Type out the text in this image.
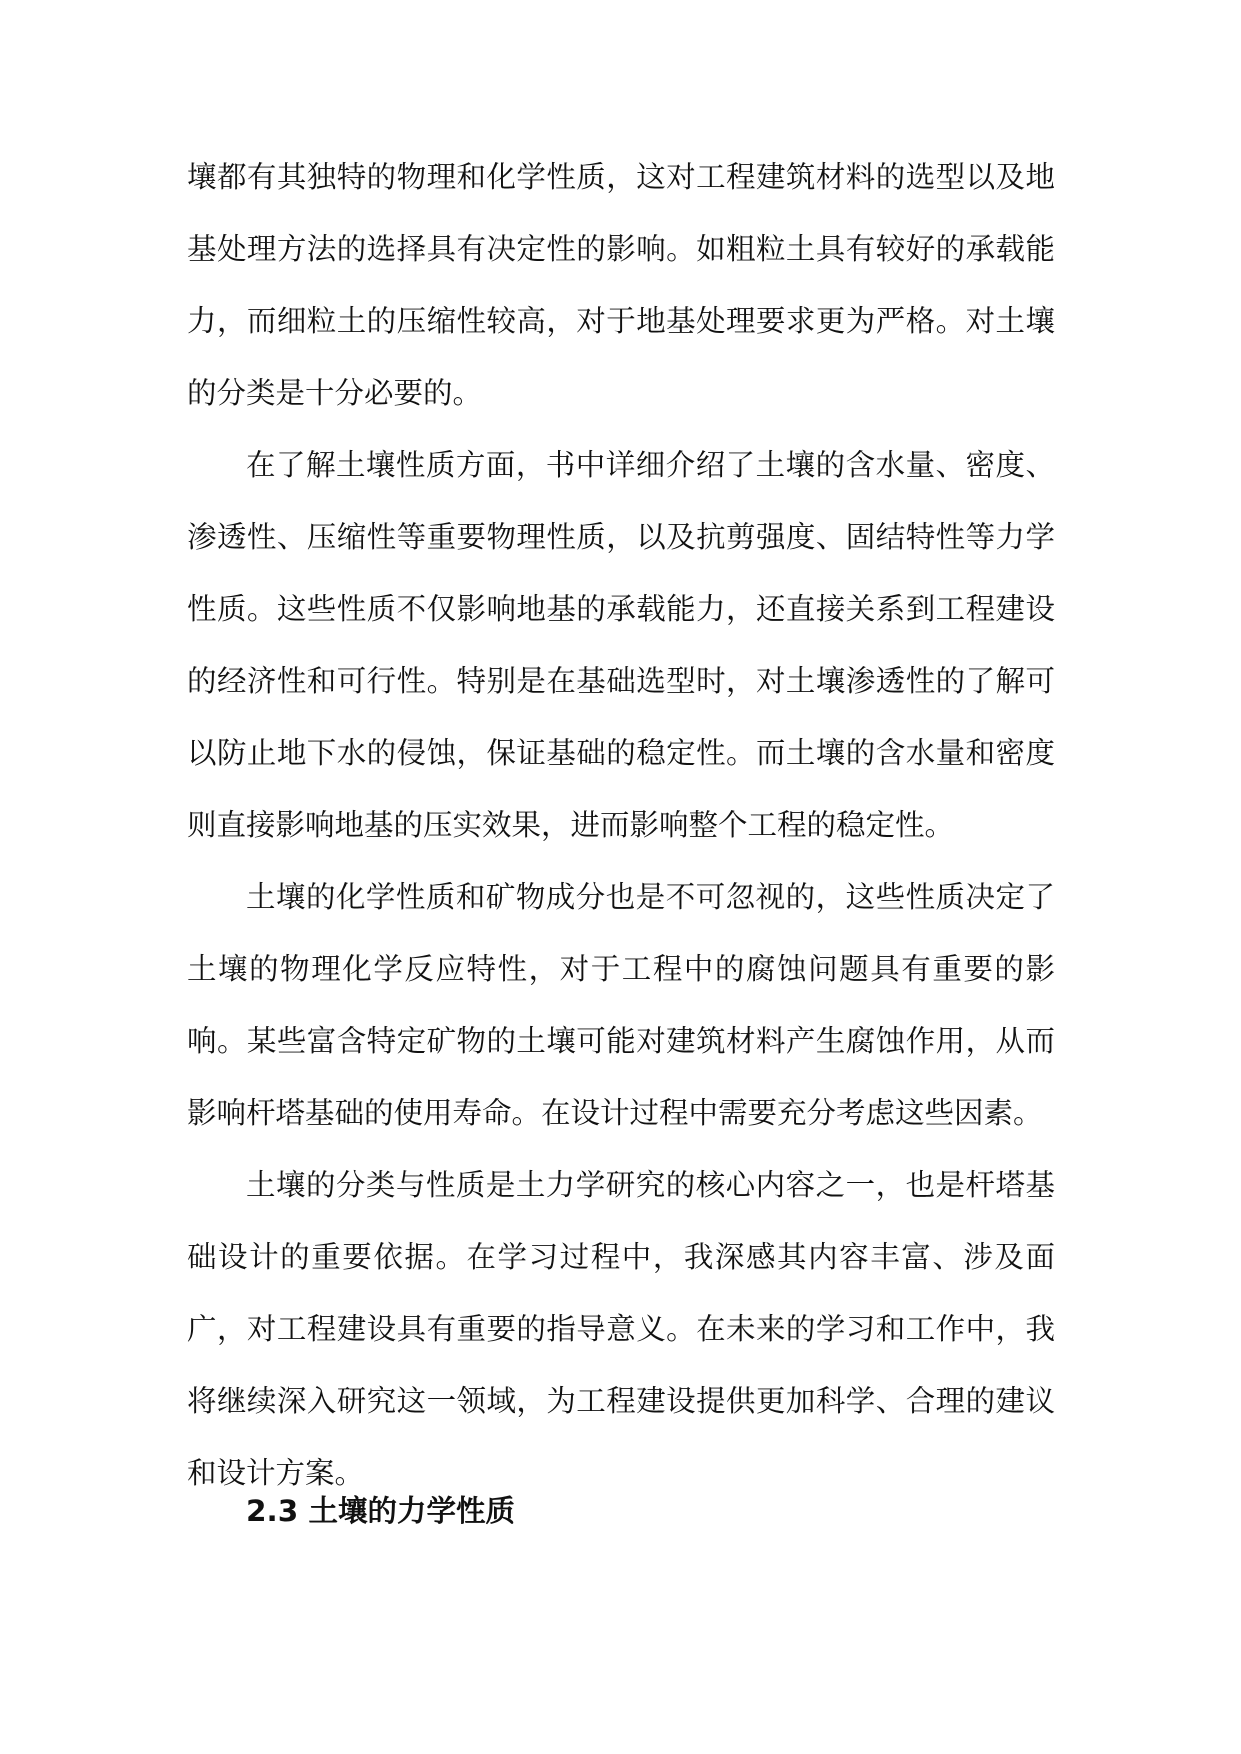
壤都有其独特的物理和化学性质，这对工程建筑材料的选型以及地基处理方法的选择具有决定性的影响。如粗粒土具有较好的承载能力，而细粒土的压缩性较高，对于地基处理要求更为严格。对土壤的分类是十分必要的。

在了解土壤性质方面，书中详细介绍了土壤的含水量、密度、渗透性、压缩性等重要物理性质，以及抗剪强度、固结特性等力学性质。这些性质不仅影响地基的承载能力，还直接关系到工程建设的经济性和可行性。特别是在基础选型时，对土壤渗透性的了解可以防止地下水的侵蚀，保证基础的稳定性。而土壤的含水量和密度则直接影响地基的压实效果，进而影响整个工程的稳定性。

土壤的化学性质和矿物成分也是不可忽视的，这些性质决定了土壤的物理化学反应特性，对于工程中的腐蚀问题具有重要的影响。某些富含特定矿物的土壤可能对建筑材料产生腐蚀作用，从而影响杆塔基础的使用寿命。在设计过程中需要充分考虑这些因素。

土壤的分类与性质是土力学研究的核心内容之一，也是杆塔基础设计的重要依据。在学习过程中，我深感其内容丰富、涉及面广，对工程建设具有重要的指导意义。在未来的学习和工作中，我将继续深入研究这一领域，为工程建设提供更加科学、合理的建议和设计方案。

2.3 土壤的力学性质
